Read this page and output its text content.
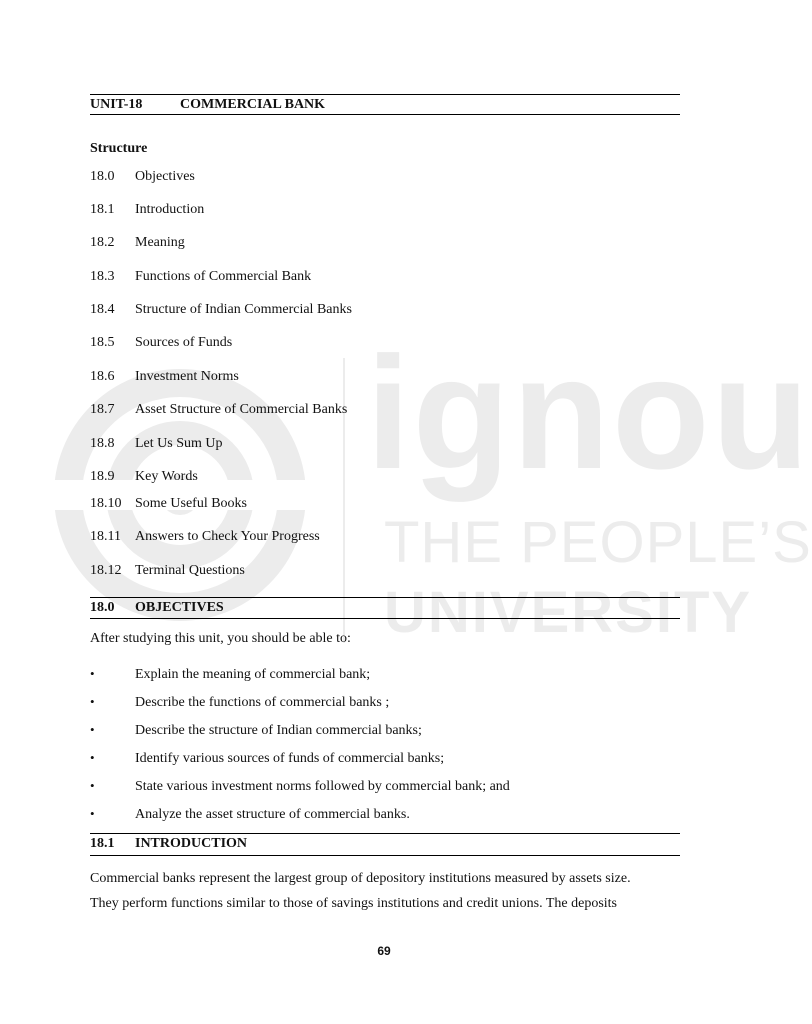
ignou
THE PEOPLE’S
UNIVERSITY
UNIT-18	COMMERCIAL BANK
Structure
18.0 Objectives
18.1 Introduction
18.2 Meaning
18.3 Functions of Commercial Bank
18.4 Structure of Indian Commercial Banks
18.5 Sources of Funds
18.6 Investment Norms
18.7 Asset Structure of Commercial Banks
18.8 Let Us Sum Up
18.9 Key Words
18.10 Some Useful Books
18.11 Answers to Check Your Progress
18.12 Terminal Questions
18.0 OBJECTIVES

After studying this unit, you should be able to:

•	Explain the meaning of commercial bank;
•	Describe the functions of commercial banks ;
•	Describe the structure of Indian commercial banks;
•	Identify various sources of funds of commercial banks;
•	State various investment norms followed by commercial bank; and
•	Analyze the asset structure of commercial banks.
18.1 INTRODUCTION

Commercial banks represent the largest group of depository institutions measured by assets size.

They perform functions similar to those of savings institutions and credit unions. The deposits

69
